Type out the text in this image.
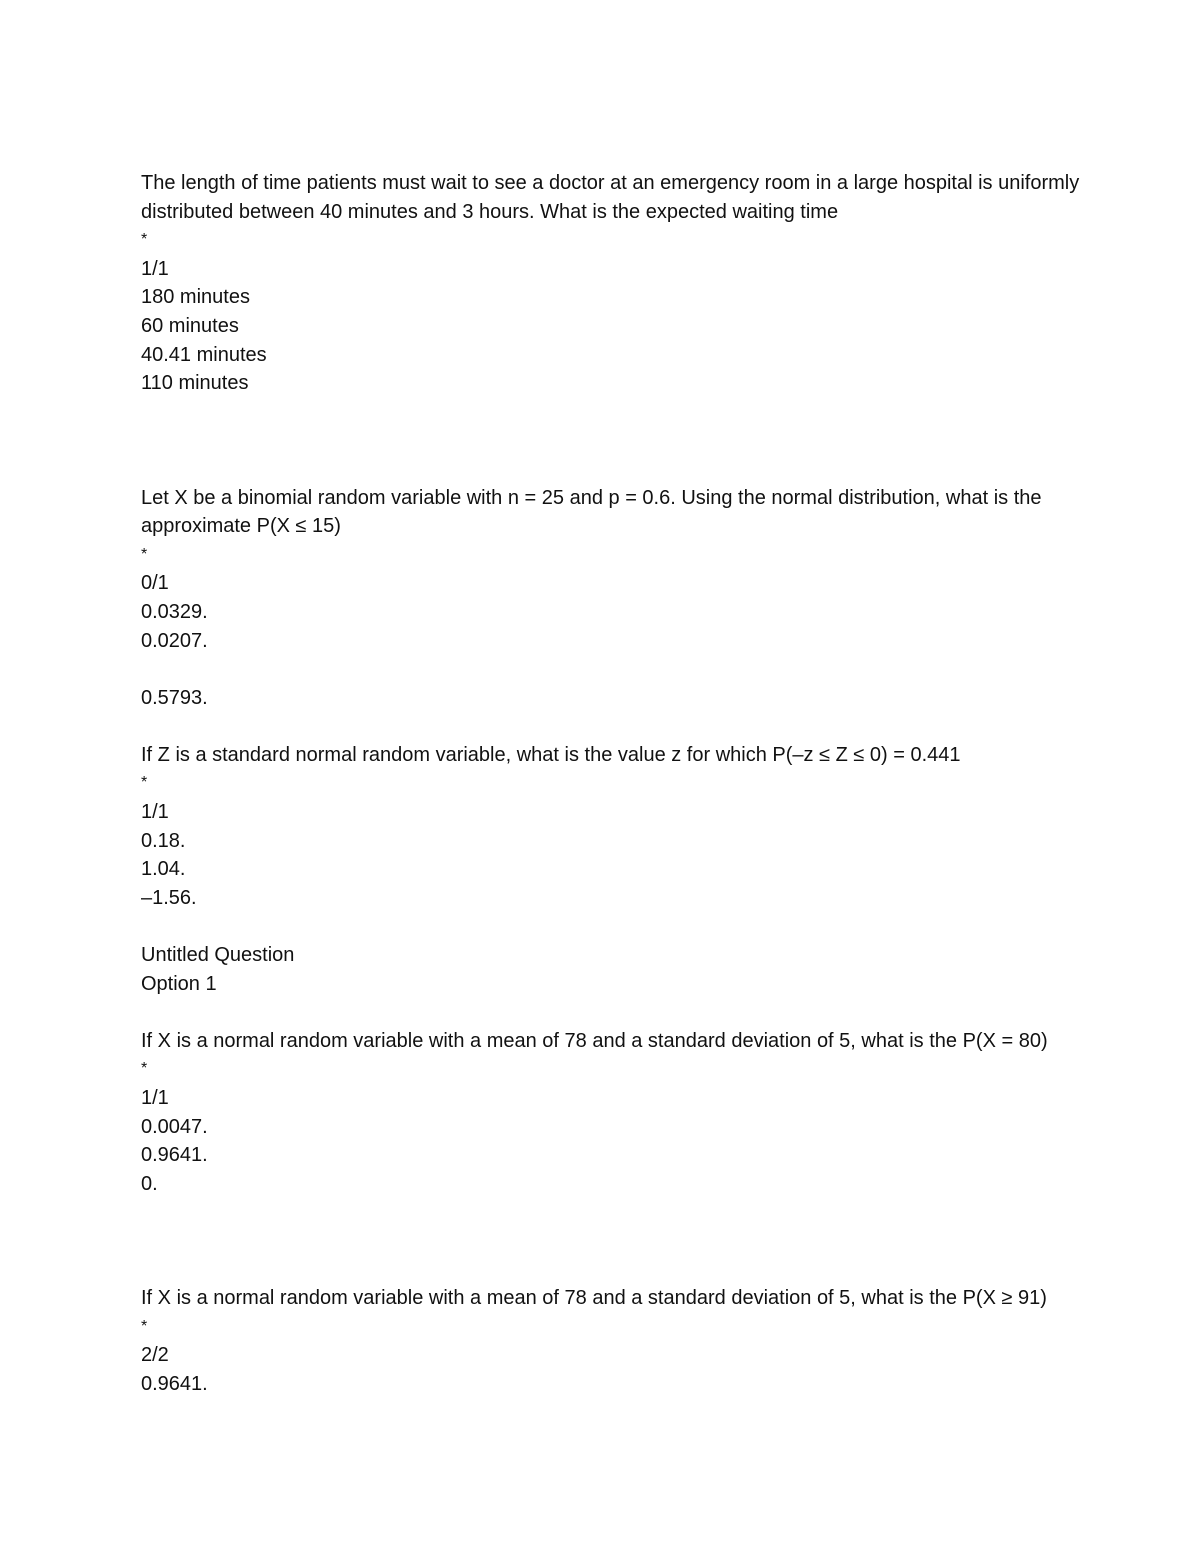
The length of time patients must wait to see a doctor at an emergency room in a large hospital is uniformly distributed between 40 minutes and 3 hours. What is the expected waiting time
*
1/1
180 minutes
60 minutes
40.41 minutes
110 minutes
Let X be a binomial random variable with n = 25 and p = 0.6. Using the normal distribution, what is the approximate P(X ≤ 15)
*
0/1
0.0329.
0.0207.
0.5793.
If Z is a standard normal random variable, what is the value z for which P(–z ≤ Z ≤ 0) = 0.441
*
1/1
0.18.
1.04.
–1.56.
Untitled Question
Option 1
If X is a normal random variable with a mean of 78 and a standard deviation of 5, what is the P(X = 80)
*
1/1
0.0047.
0.9641.
0.
If X is a normal random variable with a mean of 78 and a standard deviation of 5, what is the P(X ≥ 91)
*
2/2
0.9641.
